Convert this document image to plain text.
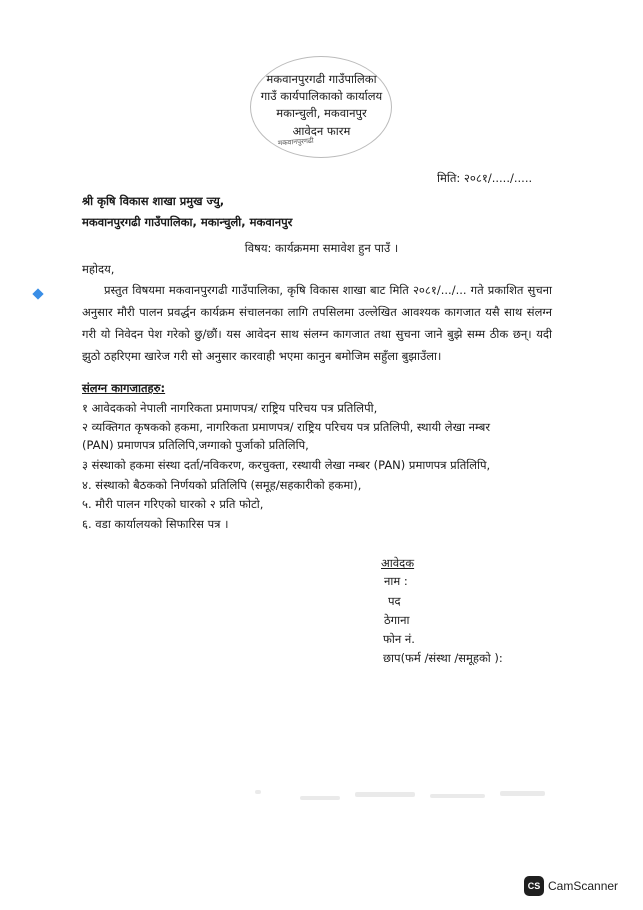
मकवानपुरगढी
मकवानपुरगढी गाउँपालिका
गाउँ कार्यपालिकाको कार्यालय
मकान्चुली, मकवानपुर
आवेदन फारम
मिति: २०८१/...../.....
श्री कृषि विकास शाखा प्रमुख ज्यु,
मकवानपुरगढी गाउँपालिका, मकान्चुली, मकवानपुर
विषय: कार्यक्रममा समावेश हुन पाउँ ।
महोदय,
प्रस्तुत विषयमा मकवानपुरगढी गाउँपालिका, कृषि विकास शाखा बाट मिति २०८१/.../... गते प्रकाशित सुचना अनुसार मौरी पालन प्रवर्द्धन कार्यक्रम संचालनका लागि तपसिलमा उल्लेखित आवश्यक कागजात यसै साथ संलग्न गरी यो निवेदन पेश गरेको छु/छौं। यस आवेदन साथ संलग्न कागजात तथा सुचना जाने बुझे सम्म ठीक छन्। यदी झुठो ठहरिएमा खारेज गरी सो अनुसार कारवाही भएमा कानुन बमोजिम सहुँला बुझाउँला।
संलग्न कागजातहरु:
१ आवेदकको नेपाली नागरिकता प्रमाणपत्र/ राष्ट्रिय परिचय पत्र प्रतिलिपी,
२ व्यक्तिगत कृषकको हकमा, नागरिकता प्रमाणपत्र/ राष्ट्रिय परिचय पत्र प्रतिलिपी, स्थायी लेखा नम्बर
(PAN) प्रमाणपत्र प्रतिलिपि,जग्गाको पुर्जाको प्रतिलिपि,
३ संस्थाको हकमा संस्था दर्ता/नविकरण, करचुक्ता, रस्थायी लेखा नम्बर (PAN) प्रमाणपत्र प्रतिलिपि,
४. संस्थाको बैठकको निर्णयको प्रतिलिपि (समूह/सहकारीको हकमा),
५. मौरी पालन गरिएको घारको २ प्रति फोटो,
६. वडा कार्यालयको सिफारिस पत्र ।
आवेदक
नाम :
पद
ठेगाना
फोन नं.
छाप(फर्म /संस्था /समूहको ):
CS CamScanner
